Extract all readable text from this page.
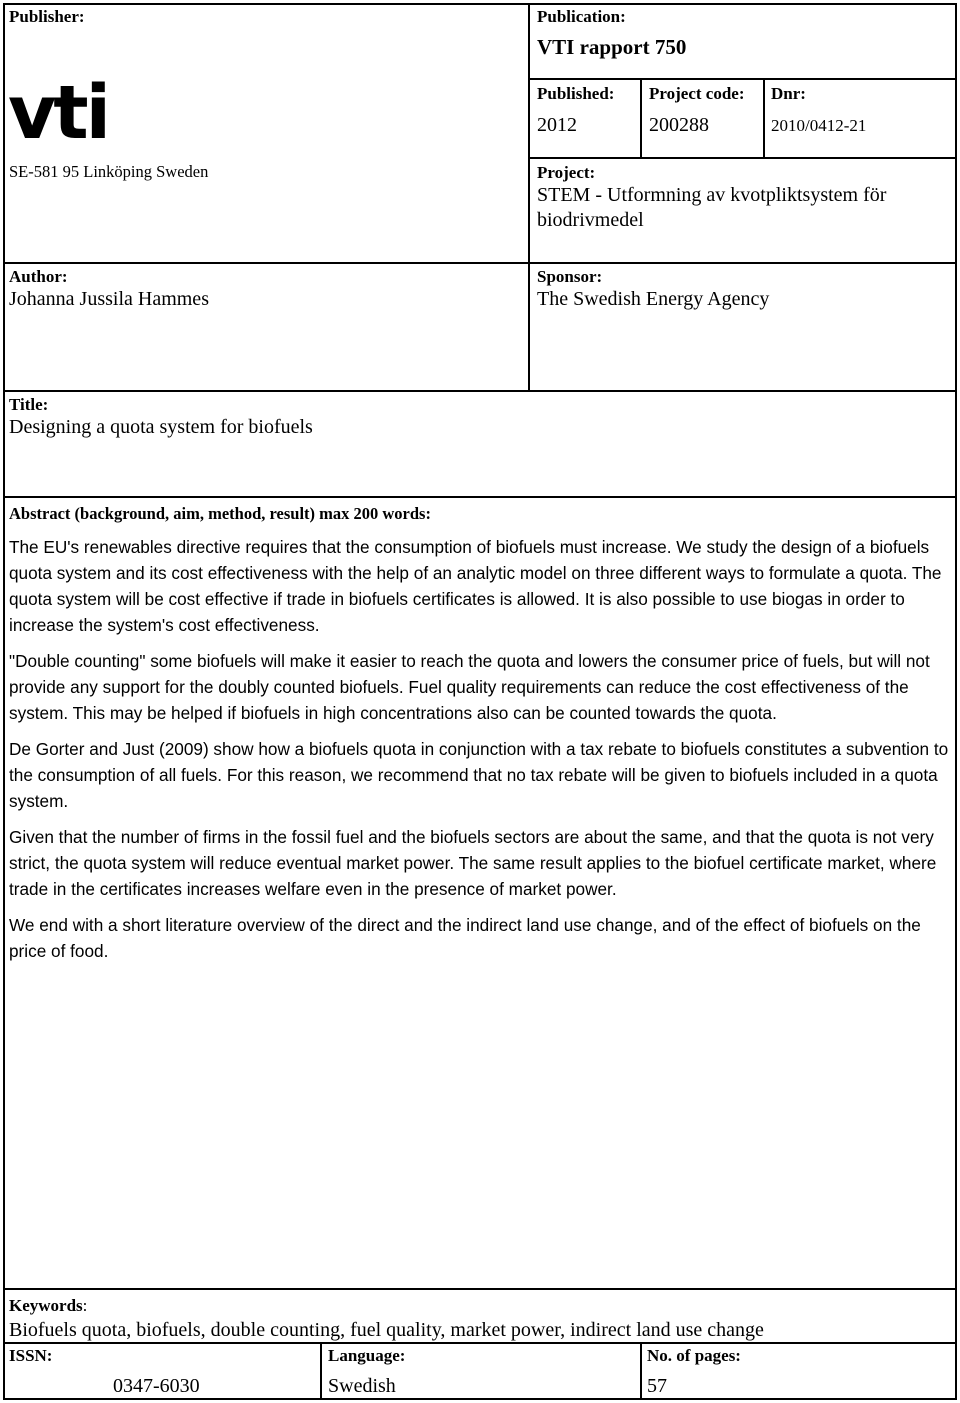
Publisher:
vti
SE-581 95 Linköping Sweden
Publication:
VTI rapport 750
Published:
2012
Project code:
200288
Dnr:
2010/0412-21
Project:
STEM - Utformning av kvotpliktsystem för
biodrivmedel
Author:
Johanna Jussila Hammes
Sponsor:
The Swedish Energy Agency
Title:
Designing a quota system for biofuels
Abstract (background, aim, method, result) max 200 words:

The EU's renewables directive requires that the consumption of biofuels must increase. We study the design of a biofuels quota system and its cost effectiveness with the help of an analytic model on three different ways to formulate a quota. The quota system will be cost effective if trade in biofuels certificates is allowed. It is also possible to use biogas in order to increase the system's cost effectiveness.

"Double counting" some biofuels will make it easier to reach the quota and lowers the consumer price of fuels, but will not provide any support for the doubly counted biofuels. Fuel quality requirements can reduce the cost effectiveness of the system. This may be helped if biofuels in high concentrations also can be counted towards the quota.

De Gorter and Just (2009) show how a biofuels quota in conjunction with a tax rebate to biofuels constitutes a subvention to the consumption of all fuels. For this reason, we recommend that no tax rebate will be given to biofuels included in a quota system.

Given that the number of firms in the fossil fuel and the biofuels sectors are about the same, and that the quota is not very strict, the quota system will reduce eventual market power. The same result applies to the biofuel certificate market, where trade in the certificates increases welfare even in the presence of market power.

We end with a short literature overview of the direct and the indirect land use change, and of the effect of biofuels on the price of food.

Keywords:
Biofuels quota, biofuels, double counting, fuel quality, market power, indirect land use change
ISSN:
0347-6030
Language:
Swedish
No. of pages:
57
